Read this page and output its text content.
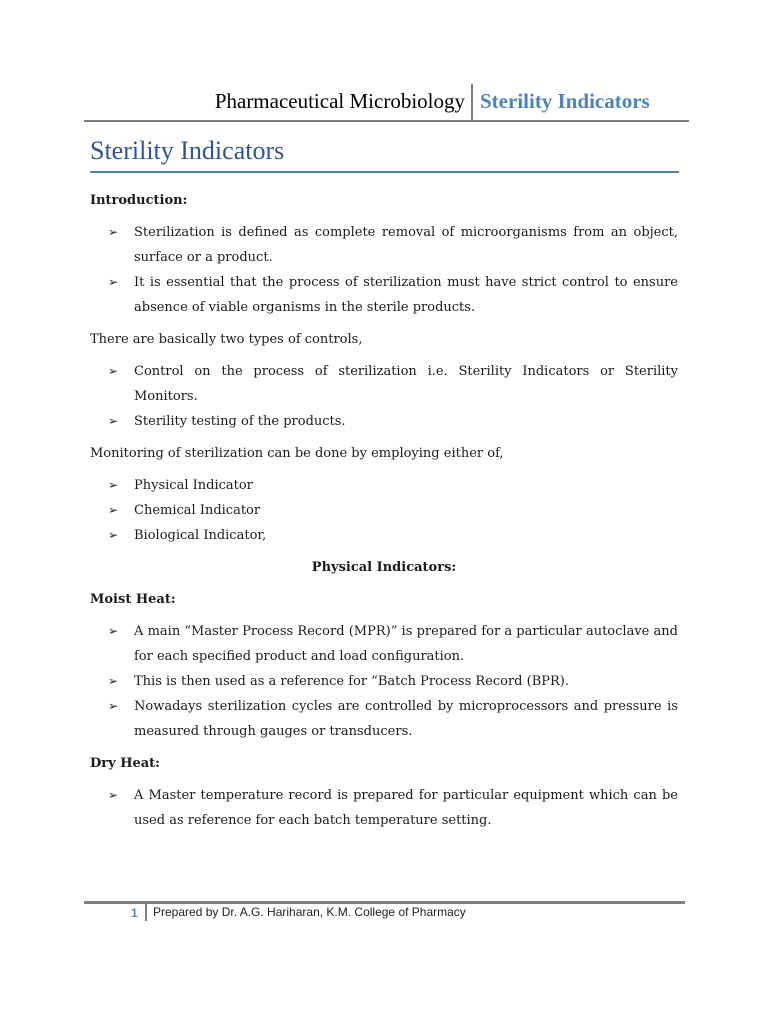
Pharmaceutical Microbiology Sterility Indicators
Sterility Indicators
Introduction:
➢ Sterilization is defined as complete removal of microorganisms from an object, surface or a product.
➢ It is essential that the process of sterilization must have strict control to ensure absence of viable organisms in the sterile products.
There are basically two types of controls,
➢ Control on the process of sterilization i.e. Sterility Indicators or Sterility Monitors.
➢ Sterility testing of the products.
Monitoring of sterilization can be done by employing either of,
➢ Physical Indicator
➢ Chemical Indicator
➢ Biological Indicator,
Physical Indicators:
Moist Heat:
➢ A main “Master Process Record (MPR)” is prepared for a particular autoclave and for each specified product and load configuration.
➢ This is then used as a reference for “Batch Process Record (BPR).
➢ Nowadays sterilization cycles are controlled by microprocessors and pressure is measured through gauges or transducers.
Dry Heat:
➢ A Master temperature record is prepared for particular equipment which can be used as reference for each batch temperature setting.
1 Prepared by Dr. A.G. Hariharan, K.M. College of Pharmacy
